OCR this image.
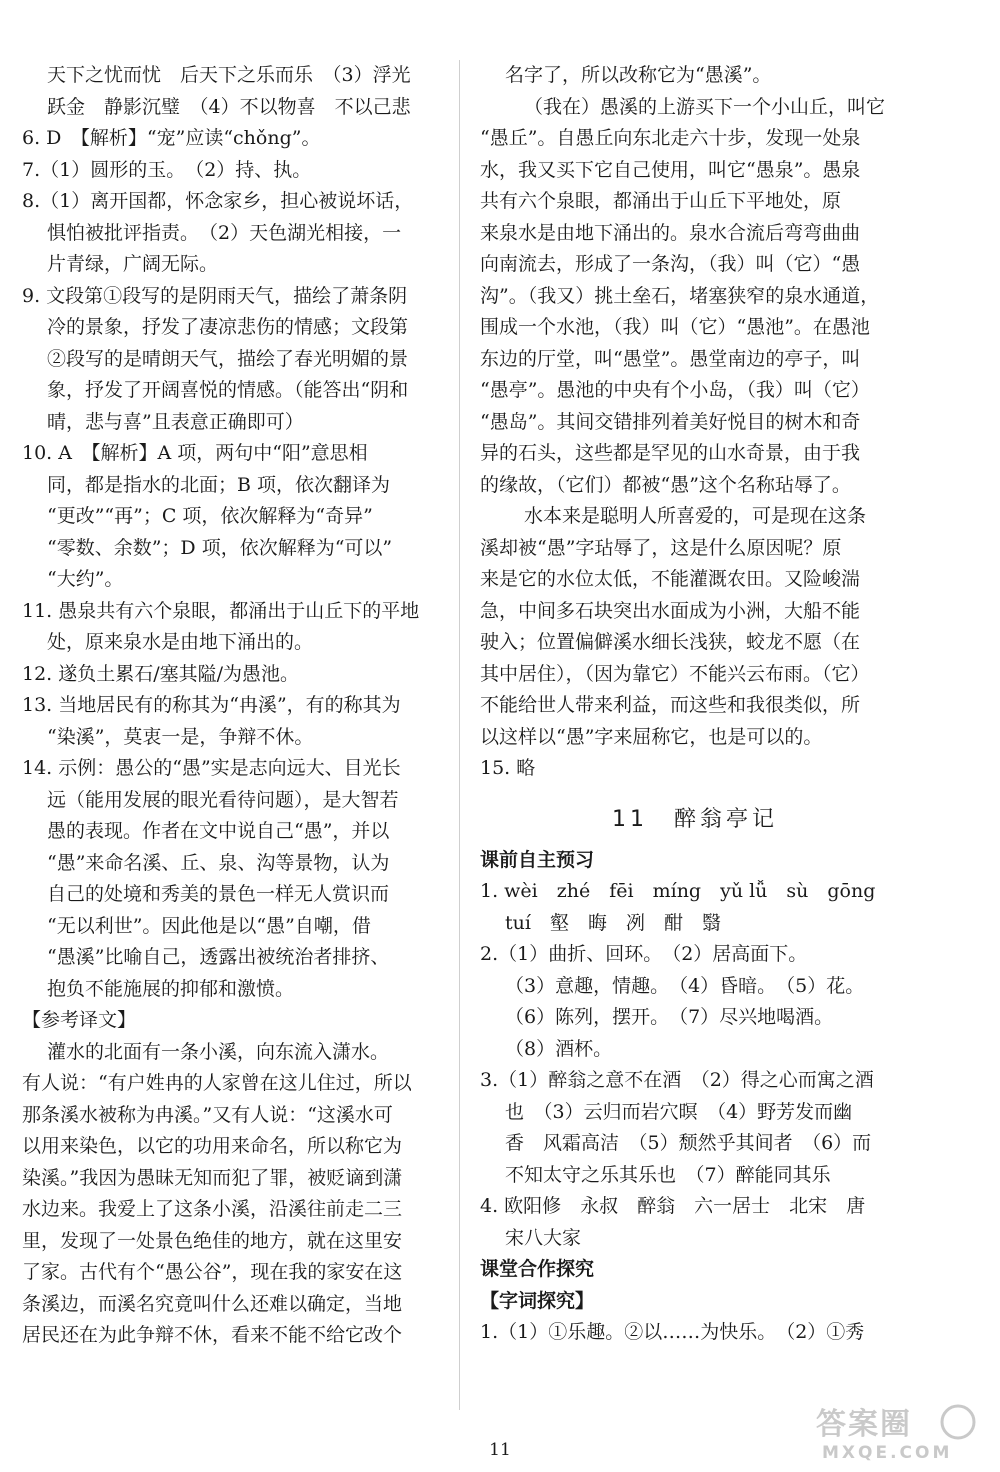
天下之忧而忧　后天下之乐而乐　（3）浮光
跃金　静影沉璧　（4）不以物喜　不以己悲
6. D　【解析】“宠”应读“chǒng”。
7.（1）圆形的玉。　（2）持、执。
8.（1）离开国都，怀念家乡，担心被说坏话，
惧怕被批评指责。　（2）天色湖光相接，一
片青绿，广阔无际。
9. 文段第①段写的是阴雨天气，描绘了萧条阴
冷的景象，抒发了凄凉悲伤的情感；文段第
②段写的是晴朗天气，描绘了春光明媚的景
象，抒发了开阔喜悦的情感。（能答出“阴和
晴，悲与喜”且表意正确即可）
10. A　【解析】A 项，两句中“阳”意思相
同，都是指水的北面；B 项，依次翻译为
“更改”“再”；C 项，依次解释为“奇异”
“零数、余数”；D 项，依次解释为“可以”
“大约”。
11. 愚泉共有六个泉眼，都涌出于山丘下的平地
处，原来泉水是由地下涌出的。
12. 遂负土累石/塞其隘/为愚池。
13. 当地居民有的称其为“冉溪”，有的称其为
“染溪”，莫衷一是，争辩不休。
14. 示例：愚公的“愚”实是志向远大、目光长
远（能用发展的眼光看待问题），是大智若
愚的表现。作者在文中说自己“愚”，并以
“愚”来命名溪、丘、泉、沟等景物，认为
自己的处境和秀美的景色一样无人赏识而
“无以利世”。因此他是以“愚”自嘲，借
“愚溪”比喻自己，透露出被统治者排挤、
抱负不能施展的抑郁和激愤。
【参考译文】
灌水的北面有一条小溪，向东流入潇水。
有人说：“有户姓冉的人家曾在这儿住过，所以
那条溪水被称为冉溪。”又有人说：“这溪水可
以用来染色，以它的功用来命名，所以称它为
染溪。”我因为愚昧无知而犯了罪，被贬谪到潇
水边来。我爱上了这条小溪，沿溪往前走二三
里，发现了一处景色绝佳的地方，就在这里安
了家。古代有个“愚公谷”，现在我的家安在这
条溪边，而溪名究竟叫什么还难以确定，当地
居民还在为此争辩不休，看来不能不给它改个
名字了，所以改称它为“愚溪”。
（我在）愚溪的上游买下一个小山丘，叫它
“愚丘”。自愚丘向东北走六十步，发现一处泉
水，我又买下它自己使用，叫它“愚泉”。愚泉
共有六个泉眼，都涌出于山丘下平地处，原
来泉水是由地下涌出的。泉水合流后弯弯曲曲
向南流去，形成了一条沟，（我）叫（它）“愚
沟”。（我又）挑土垒石，堵塞狭窄的泉水通道，
围成一个水池，（我）叫（它）“愚池”。在愚池
东边的厅堂，叫“愚堂”。愚堂南边的亭子，叫
“愚亭”。愚池的中央有个小岛，（我）叫（它）
“愚岛”。其间交错排列着美好悦目的树木和奇
异的石头，这些都是罕见的山水奇景，由于我
的缘故，（它们）都被“愚”这个名称玷辱了。
水本来是聪明人所喜爱的，可是现在这条
溪却被“愚”字玷辱了，这是什么原因呢？原
来是它的水位太低，不能灌溉农田。又险峻湍
急，中间多石块突出水面成为小洲，大船不能
驶入；位置偏僻溪水细长浅狭，蛟龙不愿（在
其中居住），（因为靠它）不能兴云布雨。（它）
不能给世人带来利益，而这些和我很类似，所
以这样以“愚”字来屈称它，也是可以的。
15. 略
11 醉翁亭记
课前自主预习
1. wèi　zhé　fēi　míng　yǔ lǚ　sù　gōng
tuí　壑　晦　冽　酣　翳
2.（1）曲折、回环。　（2）居高面下。
（3）意趣，情趣。　（4）昏暗。　（5）花。
（6）陈列，摆开。　（7）尽兴地喝酒。
（8）酒杯。
3.（1）醉翁之意不在酒　（2）得之心而寓之酒
也　（3）云归而岩穴暝　（4）野芳发而幽
香　风霜高洁　（5）颓然乎其间者　（6）而
不知太守之乐其乐也　（7）醉能同其乐
4. 欧阳修　永叔　醉翁　六一居士　北宋　唐
宋八大家
课堂合作探究
【字词探究】
1.（1）①乐趣。②以……为快乐。　（2）①秀
11
答案圈
MXQE.COM
